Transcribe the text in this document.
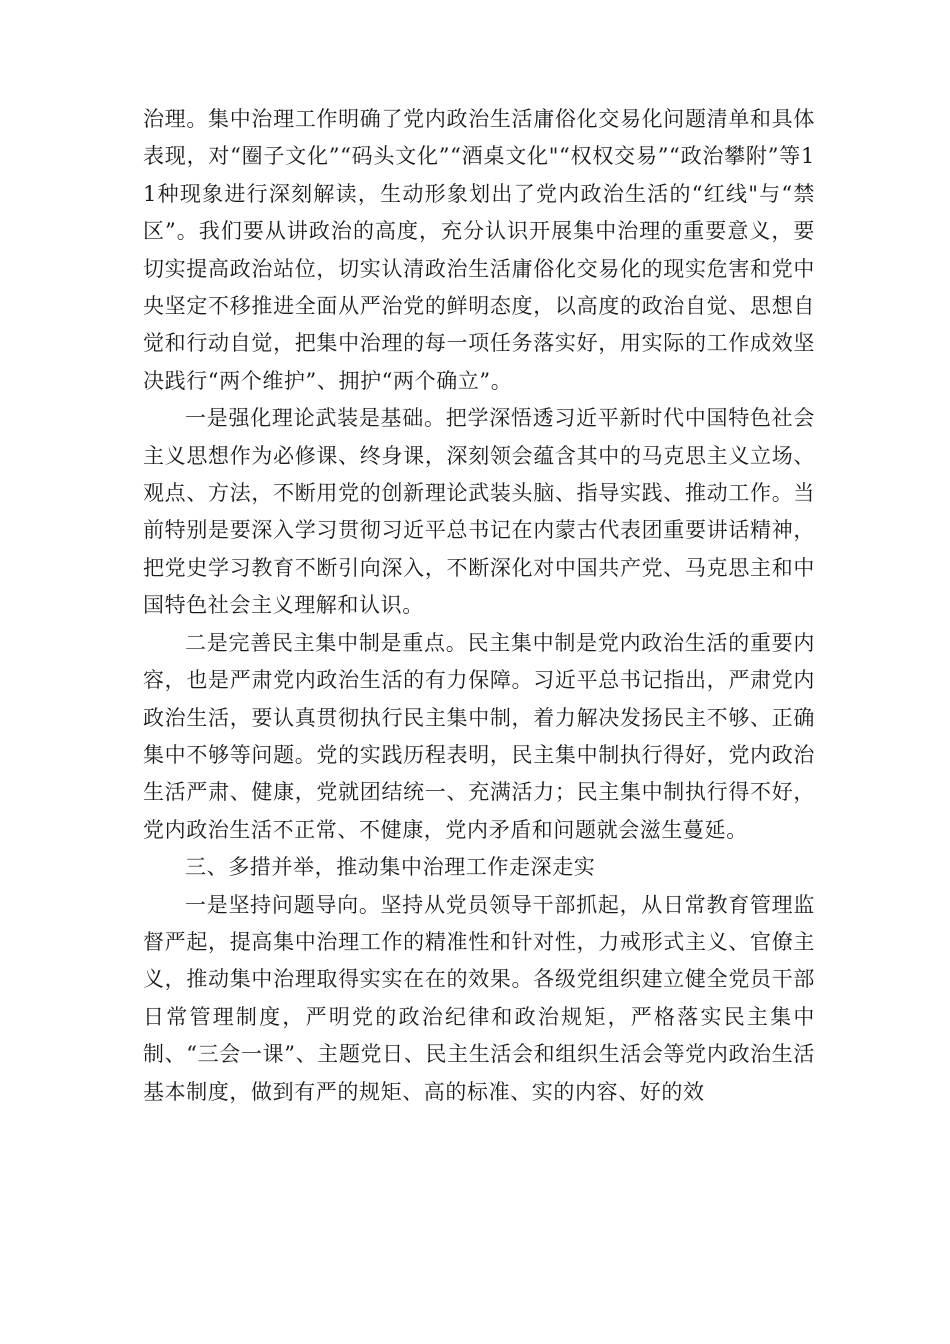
治理。集中治理工作明确了党内政治生活庸俗化交易化问题清单和具体表现，对“圈子文化”“码头文化”“酒桌文化"“权权交易”“政治攀附”等11种现象进行深刻解读，生动形象划出了党内政治生活的“红线"与“禁区”。我们要从讲政治的高度，充分认识开展集中治理的重要意义，要切实提高政治站位，切实认清政治生活庸俗化交易化的现实危害和党中央坚定不移推进全面从严治党的鲜明态度，以高度的政治自觉、思想自觉和行动自觉，把集中治理的每一项任务落实好，用实际的工作成效坚决践行“两个维护”、拥护“两个确立”。

一是强化理论武装是基础。把学深悟透习近平新时代中国特色社会主义思想作为必修课、终身课，深刻领会蕴含其中的马克思主义立场、观点、方法，不断用党的创新理论武装头脑、指导实践、推动工作。当前特别是要深入学习贯彻习近平总书记在内蒙古代表团重要讲话精神，把党史学习教育不断引向深入，不断深化对中国共产党、马克思主和中国特色社会主义理解和认识。

二是完善民主集中制是重点。民主集中制是党内政治生活的重要内容，也是严肃党内政治生活的有力保障。习近平总书记指出，严肃党内政治生活，要认真贯彻执行民主集中制，着力解决发扬民主不够、正确集中不够等问题。党的实践历程表明，民主集中制执行得好，党内政治生活严肃、健康，党就团结统一、充满活力；民主集中制执行得不好，党内政治生活不正常、不健康，党内矛盾和问题就会滋生蔓延。

三、多措并举，推动集中治理工作走深走实

一是坚持问题导向。坚持从党员领导干部抓起，从日常教育管理监督严起，提高集中治理工作的精准性和针对性，力戒形式主义、官僚主义，推动集中治理取得实实在在的效果。各级党组织建立健全党员干部日常管理制度，严明党的政治纪律和政治规矩，严格落实民主集中制、“三会一课”、主题党日、民主生活会和组织生活会等党内政治生活基本制度，做到有严的规矩、高的标准、实的内容、好的效
